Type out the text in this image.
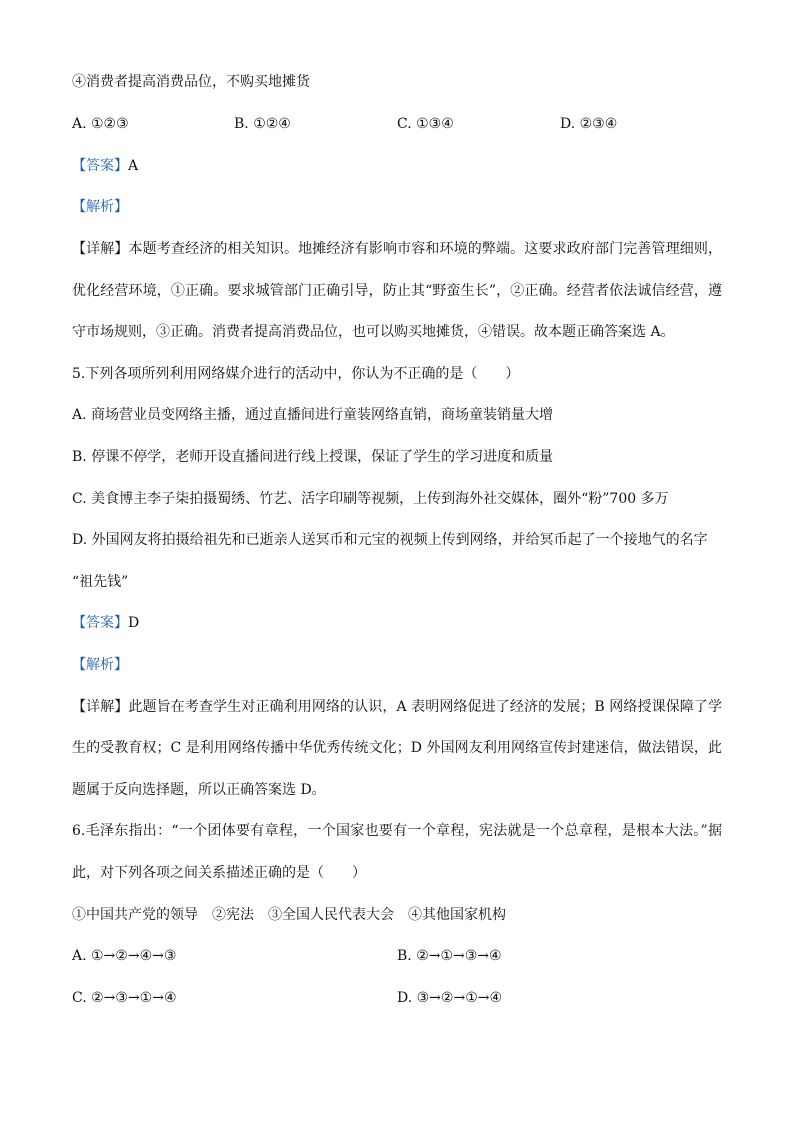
④消费者提高消费品位，不购买地摊货
A. ①②③	B. ①②④	C. ①③④	D. ②③④
【答案】A
【解析】
【详解】本题考查经济的相关知识。地摊经济有影响市容和环境的弊端。这要求政府部门完善管理细则，
优化经营环境，①正确。要求城管部门正确引导，防止其“野蛮生长”，②正确。经营者依法诚信经营，遵
守市场规则，③正确。消费者提高消费品位，也可以购买地摊货，④错误。故本题正确答案选 A。
5.下列各项所列利用网络媒介进行的活动中，你认为不正确的是（　　）
A. 商场营业员变网络主播，通过直播间进行童装网络直销，商场童装销量大增
B. 停课不停学，老师开设直播间进行线上授课，保证了学生的学习进度和质量
C. 美食博主李子柒拍摄蜀绣、竹艺、活字印刷等视频，上传到海外社交媒体，圈外“粉”700 多万
D. 外国网友将拍摄给祖先和已逝亲人送冥币和元宝的视频上传到网络，并给冥币起了一个接地气的名字
“祖先钱”
【答案】D
【解析】
【详解】此题旨在考查学生对正确利用网络的认识，A 表明网络促进了经济的发展；B 网络授课保障了学
生的受教育权；C 是利用网络传播中华优秀传统文化；D 外国网友利用网络宣传封建迷信，做法错误，此
题属于反向选择题，所以正确答案选 D。
6.毛泽东指出：“一个团体要有章程，一个国家也要有一个章程，宪法就是一个总章程，是根本大法。”据
此，对下列各项之间关系描述正确的是（　　）
①中国共产党的领导　②宪法　③全国人民代表大会　④其他国家机构
A. ①→②→④→③	B. ②→①→③→④
C. ②→③→①→④	D. ③→②→①→④
